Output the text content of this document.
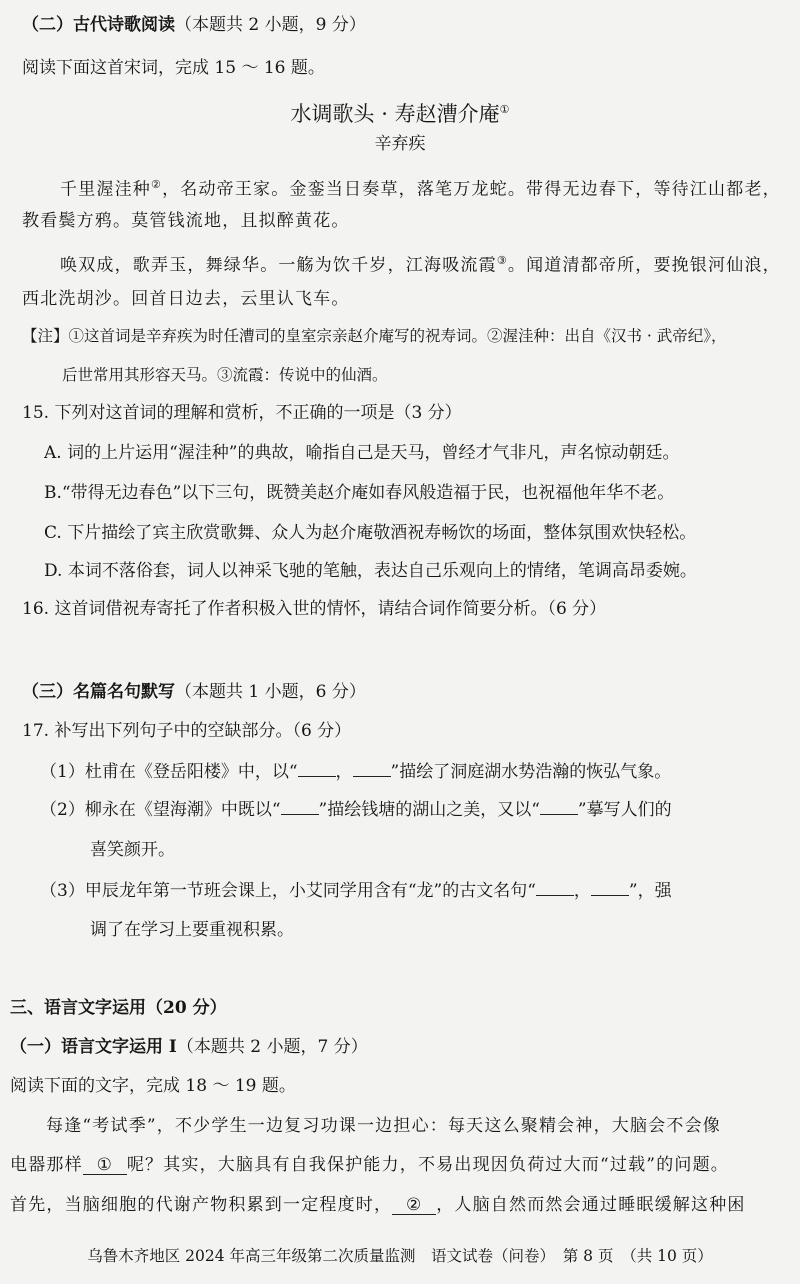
（二）古代诗歌阅读（本题共 2 小题，9 分）
阅读下面这首宋词，完成 15 ～ 16 题。
水调歌头 · 寿赵漕介庵①
辛弃疾
千里渥洼种②，名动帝王家。金銮当日奏草，落笔万龙蛇。带得无边春下，等待江山都老，
教看鬓方鸦。莫管钱流地，且拟醉黄花。
唤双成，歌弄玉，舞绿华。一觞为饮千岁，江海吸流霞③。闻道清都帝所，要挽银河仙浪，
西北洗胡沙。回首日边去，云里认飞车。
【注】①这首词是辛弃疾为时任漕司的皇室宗亲赵介庵写的祝寿词。②渥洼种：出自《汉书 · 武帝纪》，
后世常用其形容天马。③流霞：传说中的仙酒。
15. 下列对这首词的理解和赏析，不正确的一项是（3 分）
A. 词的上片运用“渥洼种”的典故，喻指自己是天马，曾经才气非凡，声名惊动朝廷。
B.“带得无边春色”以下三句，既赞美赵介庵如春风般造福于民，也祝福他年华不老。
C. 下片描绘了宾主欣赏歌舞、众人为赵介庵敬酒祝寿畅饮的场面，整体氛围欢快轻松。
D. 本词不落俗套，词人以神采飞驰的笔触，表达自己乐观向上的情绪，笔调高昂委婉。
16. 这首词借祝寿寄托了作者积极入世的情怀，请结合词作简要分析。（6 分）
（三）名篇名句默写（本题共 1 小题，6 分）
17. 补写出下列句子中的空缺部分。（6 分）
（1）杜甫在《登岳阳楼》中，以“ ， ”描绘了洞庭湖水势浩瀚的恢弘气象。
（2）柳永在《望海潮》中既以“ ”描绘钱塘的湖山之美，又以“ ”摹写人们的
喜笑颜开。
（3）甲辰龙年第一节班会课上，小艾同学用含有“龙”的古文名句“ ， ”，强
调了在学习上要重视积累。
三、语言文字运用（20 分）
（一）语言文字运用 I（本题共 2 小题，7 分）
阅读下面的文字，完成 18 ～ 19 题。
每逢“考试季”，不少学生一边复习功课一边担心：每天这么聚精会神，大脑会不会像
电器那样 ① 呢？其实，大脑具有自我保护能力，不易出现因负荷过大而“过载”的问题。
首先，当脑细胞的代谢产物积累到一定程度时， ② ，人脑自然而然会通过睡眠缓解这种困
乌鲁木齐地区 2024 年高三年级第二次质量监测　语文试卷（问卷）　第 8 页　（共 10 页）
